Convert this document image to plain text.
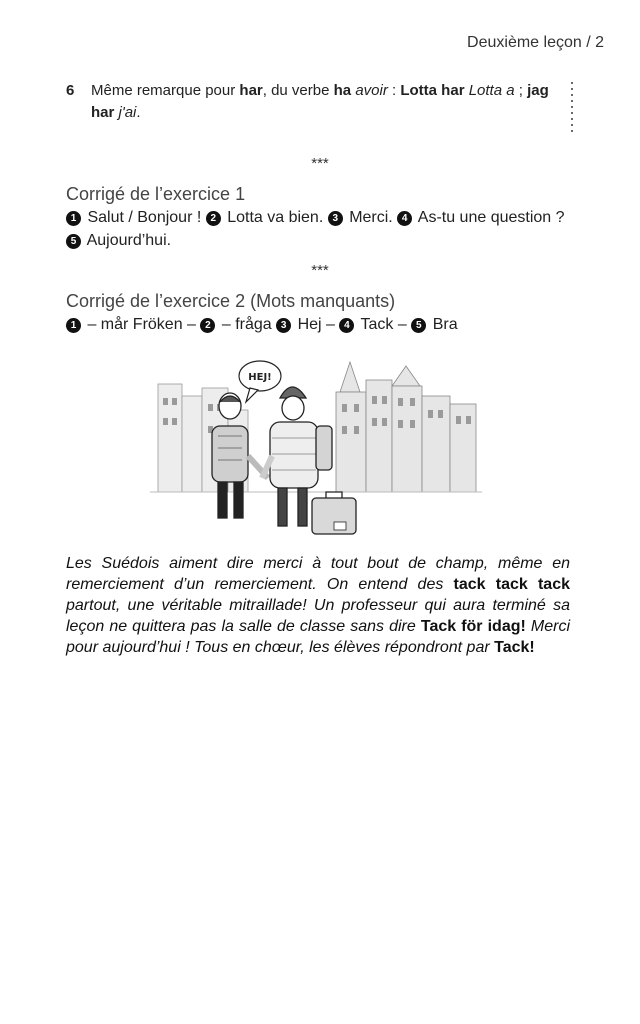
Deuxième leçon / 2
6 Même remarque pour har, du verbe ha avoir : Lotta har Lotta a ; jag har j'ai.
***
Corrigé de l’exercice 1
1 Salut / Bonjour ! 2 Lotta va bien. 3 Merci. 4 As-tu une question ?
5 Aujourd’hui.
***
Corrigé de l’exercice 2 (Mots manquants)
1 – mår Fröken – 2 – fråga 3 Hej – 4 Tack – 5 Bra
HEJ!
Les Suédois aiment dire merci à tout bout de champ, même en remerciement d’un remerciement. On entend des tack tack tack partout, une véritable mitraillade! Un professeur qui aura terminé sa leçon ne quittera pas la salle de classe sans dire Tack för idag! Merci pour aujourd’hui ! Tous en chœur, les élèves répondront par Tack!
